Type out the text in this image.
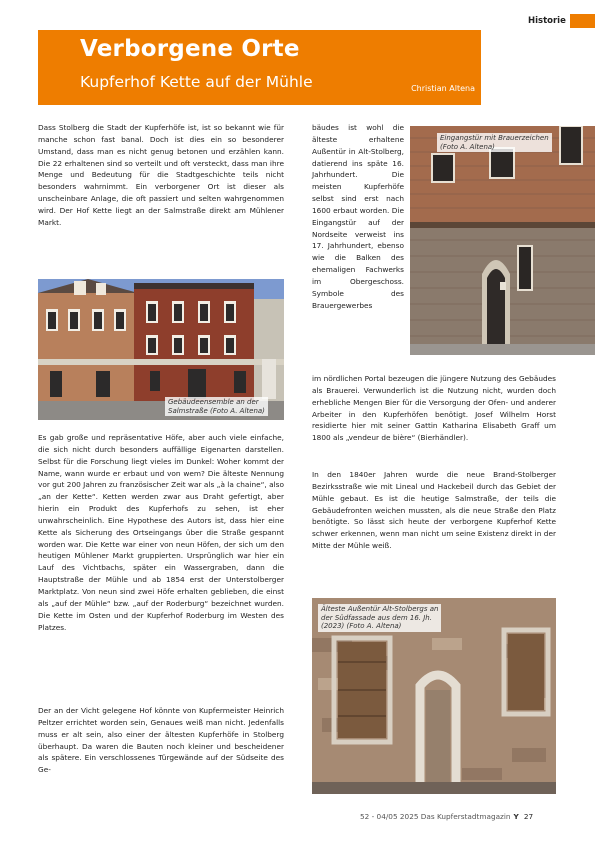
Historie
Verborgene Orte
Kupferhof Kette auf der Mühle	Christian Altena

Dass Stolberg die Stadt der Kupferhöfe ist, ist so bekannt wie für manche schon fast banal. Doch ist dies ein so besonderer Umstand, dass man es nicht genug betonen und erzählen kann. Die 22 erhaltenen sind so verteilt und oft versteckt, dass man ihre Menge und Bedeutung für die Stadtgeschichte teils nicht besonders wahrnimmt. Ein verborgener Ort ist dieser als unscheinbare Anlage, die oft passiert und selten wahrgenommen wird. Der Hof Kette liegt an der Salmstraße direkt am Mühlener Markt.

Gebäudeensemble an der
Salmstraße (Foto A. Altena)

Es gab große und repräsentative Höfe, aber auch viele einfache, die sich nicht durch besonders auffällige Eigenarten darstellen. Selbst für die Forschung liegt vieles im Dunkel: Woher kommt der Name, wann wurde er erbaut und von wem? Die älteste Nennung vor gut 200 Jahren zu französischer Zeit war als „à la chaine“, also „an der Kette“. Ketten werden zwar aus Draht gefertigt, aber hierin ein Produkt des Kupferhofs zu sehen, ist eher unwahrscheinlich. Eine Hypothese des Autors ist, dass hier eine Kette als Sicherung des Ortseingangs über die Straße gespannt worden war. Die Kette war einer von neun Höfen, der sich um den heutigen Mühlener Markt gruppierten. Ursprünglich war hier ein Lauf des Vichtbachs, später ein Wassergraben, dann die Hauptstraße der Mühle und ab 1854 erst der Unterstolberger Marktplatz. Von neun sind zwei Höfe erhalten geblieben, die einst als „auf der Mühle“ bzw. „auf der Roderburg“ bezeichnet wurden. Die Kette im Osten und der Kupferhof Roderburg im Westen des Platzes.

Der an der Vicht gelegene Hof könnte von Kupfermeister Heinrich Peltzer errichtet worden sein, Genaues weiß man nicht. Jedenfalls muss er alt sein, also einer der ältesten Kupferhöfe in Stolberg überhaupt. Da waren die Bauten noch kleiner und bescheidener als spätere. Ein verschlossenes Türgewände auf der Südseite des Ge-

bäudes ist wohl die älteste erhaltene Außentür in Alt-Stolberg, datierend ins späte 16. Jahrhundert. Die meisten Kupferhöfe selbst sind erst nach 1600 erbaut worden. Die Eingangstür auf der Nordseite verweist ins 17. Jahrhundert, ebenso wie die Balken des ehemaligen Fachwerks im Obergeschoss. Symbole des Brauergewerbes

Eingangstür mit Brauerzeichen
(Foto A. Altena)

im nördlichen Portal bezeugen die jüngere Nutzung des Gebäudes als Brauerei. Verwunderlich ist die Nutzung nicht, wurden doch erhebliche Mengen Bier für die Versorgung der Ofen- und anderer Arbeiter in den Kupferhöfen benötigt. Josef Wilhelm Horst residierte hier mit seiner Gattin Katharina Elisabeth Graff um 1800 als „vendeur de bière“ (Bierhändler).

In den 1840er Jahren wurde die neue Brand-Stolberger Bezirksstraße wie mit Lineal und Hackebeil durch das Gebiet der Mühle gebaut. Es ist die heutige Salmstraße, der teils die Gebäudefronten weichen mussten, als die neue Straße den Platz benötigte. So lässt sich heute der verborgene Kupferhof Kette schwer erkennen, wenn man nicht um seine Existenz direkt in der Mitte der Mühle weiß.

Älteste Außentür Alt-Stolbergs an
der Südfassade aus dem 16. Jh.
(2023) (Foto A. Altena)
52 - 04/05 2025 Das Kupferstadtmagazin Y 27
